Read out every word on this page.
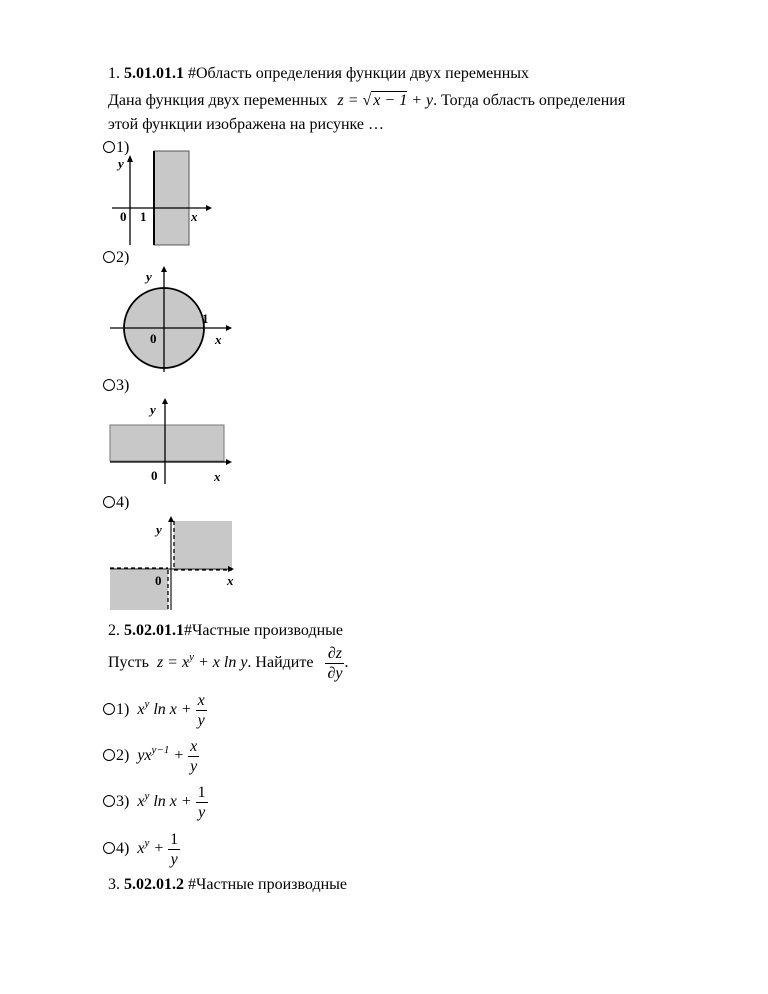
1. 5.01.01.1 #Область определения функции двух переменных
Дана функция двух переменных z = √ x − 1 + y. Тогда область определения
этой функции изображена на рисунке …
1)
y
x
0 1
2)
y
x
0
1
3)
y
x
0
4)
y
x
0
2. 5.02.01.1#Частные производные
Пусть $z = x^y + x$ ln y. Найдите $\frac{\partial z}{\partial y}$ .
1) $x^y$ $\ln x + \frac{x}{y}$
2) $yx^{y-1} + \frac{x}{y}$
3) $x^y$ $\ln x + \frac{1}{y}$
4) $x^y + \frac{1}{y}$
3. 5.02.01.2 #Частные производные
